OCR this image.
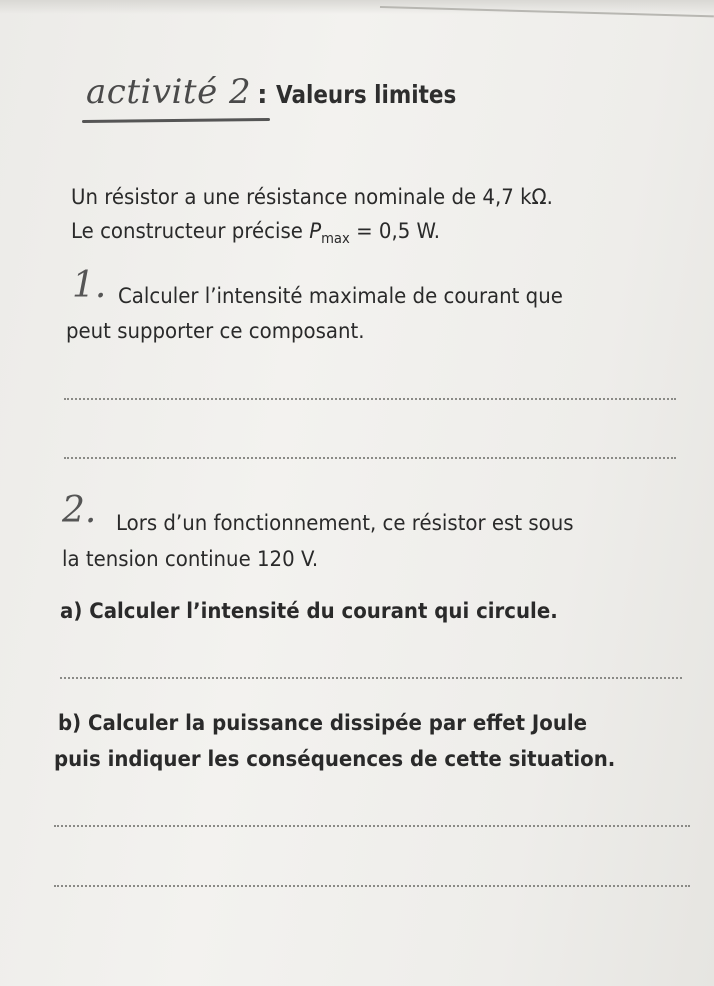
activité 2 : Valeurs limites
Un résistor a une résistance nominale de 4,7 kΩ.
Le constructeur précise $P_{max} = 0,5$ W.
1. Calculer l’intensité maximale de courant que
peut supporter ce composant.
2. Lors d’un fonctionnement, ce résistor est sous
la tension continue 120 V.
a) Calculer l’intensité du courant qui circule.
b) Calculer la puissance dissipée par effet Joule
puis indiquer les conséquences de cette situation.
